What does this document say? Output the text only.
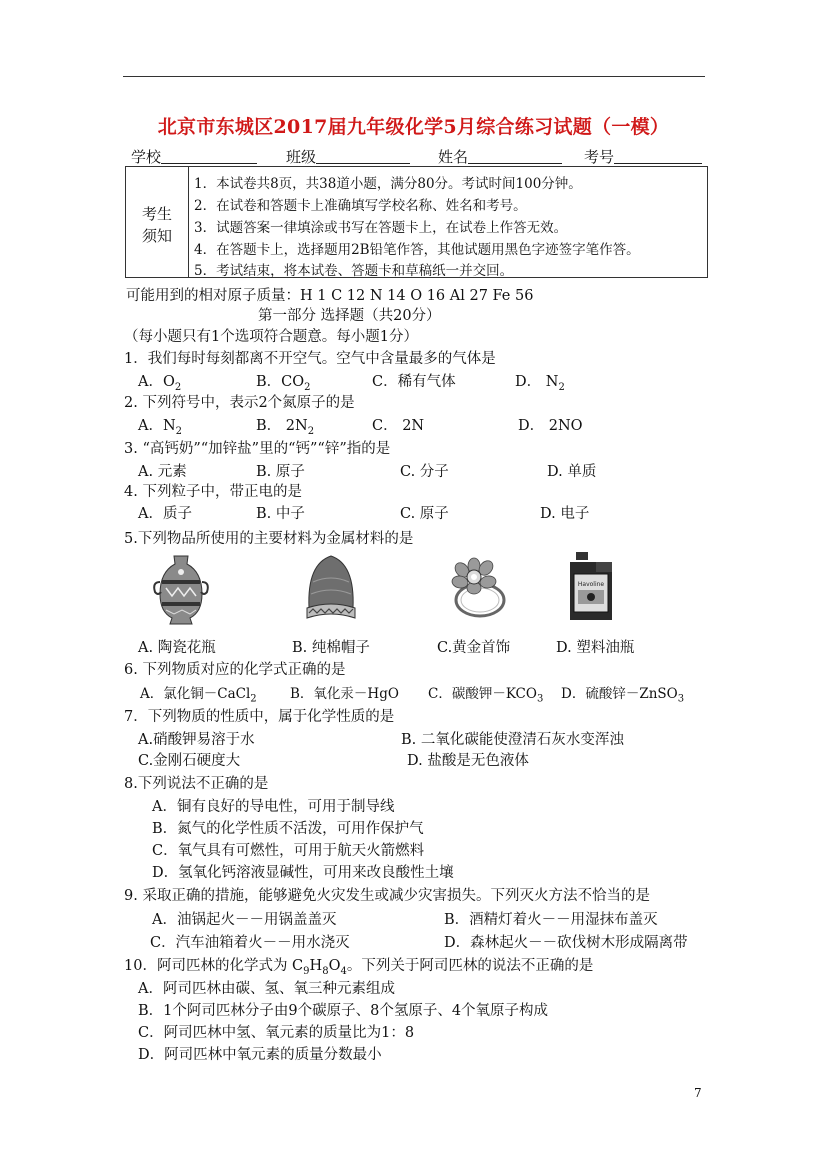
北京市东城区2017届九年级化学5月综合练习试题（一模）
学校	班级	姓名	考号
考生
须知
1．本试卷共8页，共38道小题，满分80分。考试时间100分钟。
2．在试卷和答题卡上准确填写学校名称、姓名和考号。
3．试题答案一律填涂或书写在答题卡上，在试卷上作答无效。
4．在答题卡上，选择题用2B铅笔作答，其他试题用黑色字迹签字笔作答。
5．考试结束，将本试卷、答题卡和草稿纸一并交回。
可能用到的相对原子质量：H 1 C 12 N 14 O 16 Al 27 Fe 56
第一部分 选择题（共20分）
（每小题只有1个选项符合题意。每小题1分）
1．我们每时每刻都离不开空气。空气中含量最多的气体是
A．$O_2$	B．$CO_2$	C．稀有气体	D． $N_2$
2. 下列符号中，表示2个氮原子的是
A．$N_2$	B． $2N_2$	C． 2N	D． 2NO
3. “高钙奶”“加锌盐”里的“钙”“锌”指的是
A. 元素	B. 原子	C. 分子	D. 单质
4. 下列粒子中，带正电的是
A．质子	B. 中子	C. 原子	D. 电子
5.下列物品所使用的主要材料为金属材料的是
Havoline
A. 陶瓷花瓶	B. 纯棉帽子	C.黄金首饰	D. 塑料油瓶
6. 下列物质对应的化学式正确的是
A．氯化铜－CaCl$_2$ B．氧化汞－HgO C．碳酸钾$-KCO_3$ D．硫酸锌－ZnSO$_3$
7．下列物质的性质中，属于化学性质的是
A.硝酸钾易溶于水	B. 二氧化碳能使澄清石灰水变浑浊
C.金刚石硬度大	D. 盐酸是无色液体
8.下列说法不正确的是
A．铜有良好的导电性，可用于制导线
B．氮气的化学性质不活泼，可用作保护气
C．氧气具有可燃性，可用于航天火箭燃料
D．氢氧化钙溶液显碱性，可用来改良酸性土壤
9. 采取正确的措施，能够避免火灾发生或减少灾害损失。下列灭火方法不恰当的是
A．油锅起火－－用锅盖盖灭	B．酒精灯着火－－用湿抹布盖灭
C．汽车油箱着火－－用水浇灭	D．森林起火－－砍伐树木形成隔离带
10．阿司匹林的化学式为 $C_9H_8O_4$。下列关于阿司匹林的说法不正确的是
A．阿司匹林由碳、氢、氧三种元素组成
B．1个阿司匹林分子由9个碳原子、8个氢原子、4个氧原子构成
C．阿司匹林中氢、氧元素的质量比为1：8
D．阿司匹林中氧元素的质量分数最小
7
